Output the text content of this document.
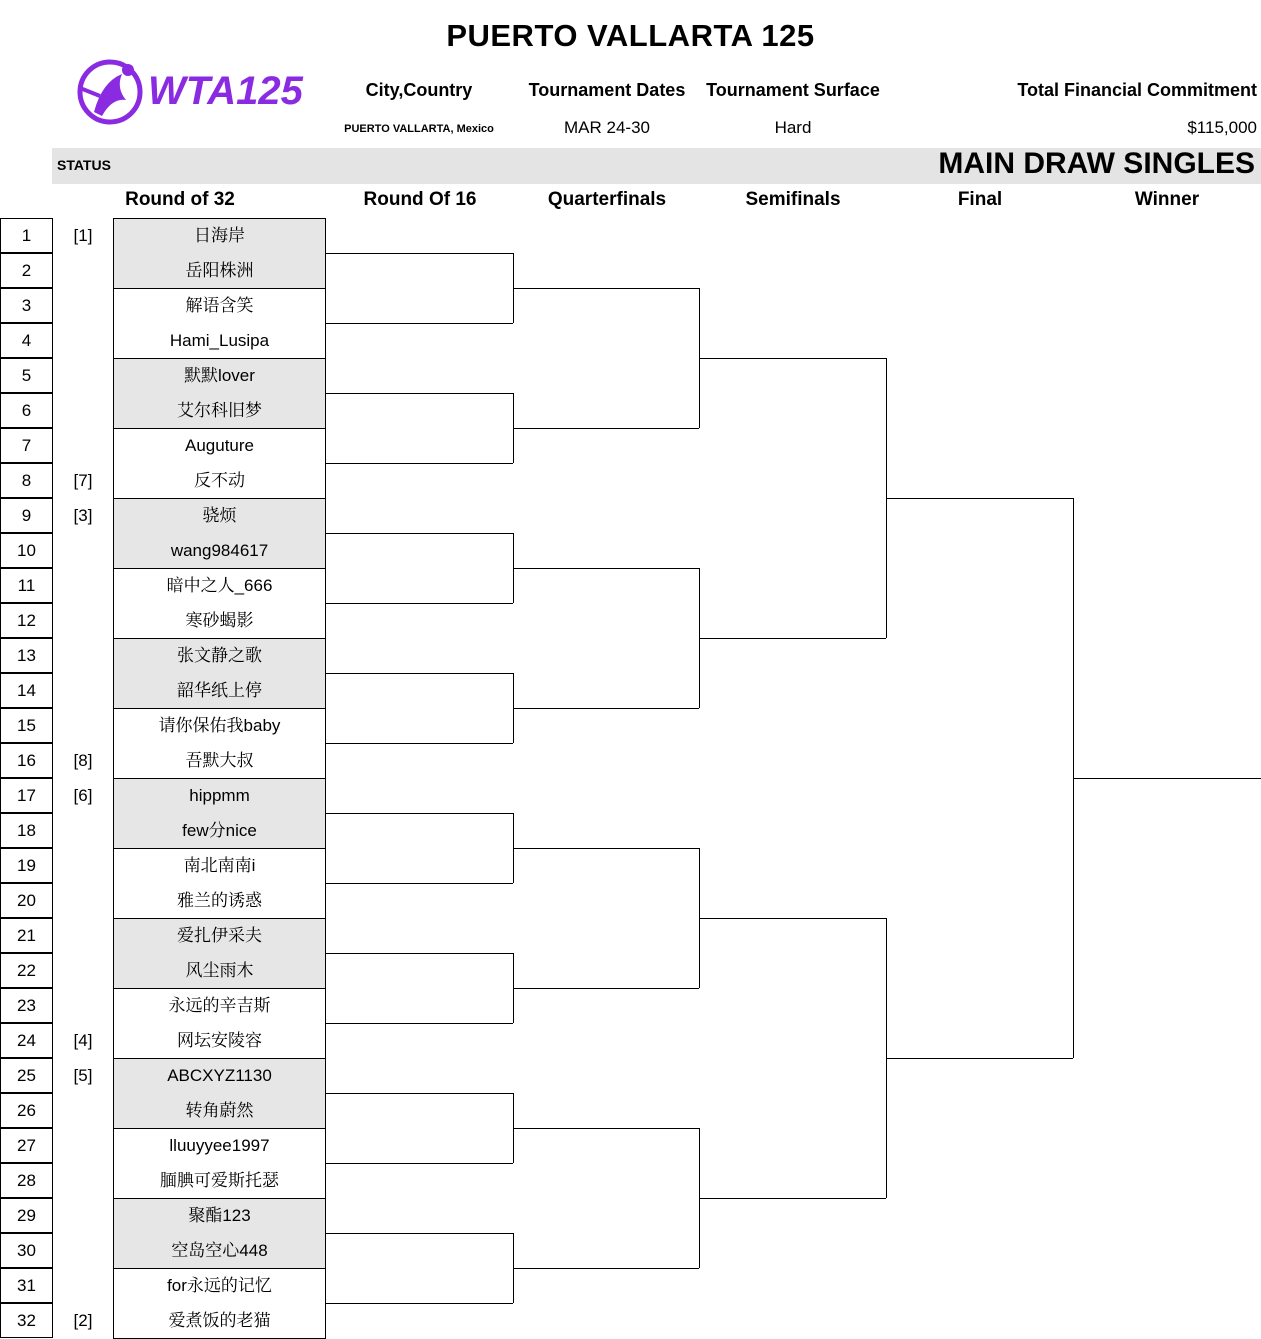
PUERTO VALLARTA 125
WTA125	City,Country	Tournament Dates	Tournament Surface	Total Financial Commitment
PUERTO VALLARTA, Mexico	MAR 24-30	Hard	$115,000
STATUS	MAIN DRAW SINGLES
Round of 32	Round Of 16	Quarterfinals	Semifinals	Final	Winner
1	[1]	日海岸
2	岳阳株洲
3	解语含笑
4	Hami_Lusipa
5	默默lover
6	艾尔科旧梦
7	Auguture
8	[7]	反不动
9	[3]	骁烦
10	wang984617
11	暗中之人_666
12	寒砂蝎影
13	张文静之歌
14	韶华纸上停
15	请你保佑我baby
16	[8]	吾默大叔
17	[6]	hippmm
18	few分nice
19	南北南南i
20	雅兰的诱惑
21	爱扎伊采夫
22	风尘雨木
23	永远的辛吉斯
24	[4]	网坛安陵容
25	[5]	ABCXYZ1130
26	转角蔚然
27	lluuyyee1997
28	腼腆可爱斯托瑟
29	聚酯123
30	空岛空心448
31	for永远的记忆
32	[2]	爱煮饭的老猫
